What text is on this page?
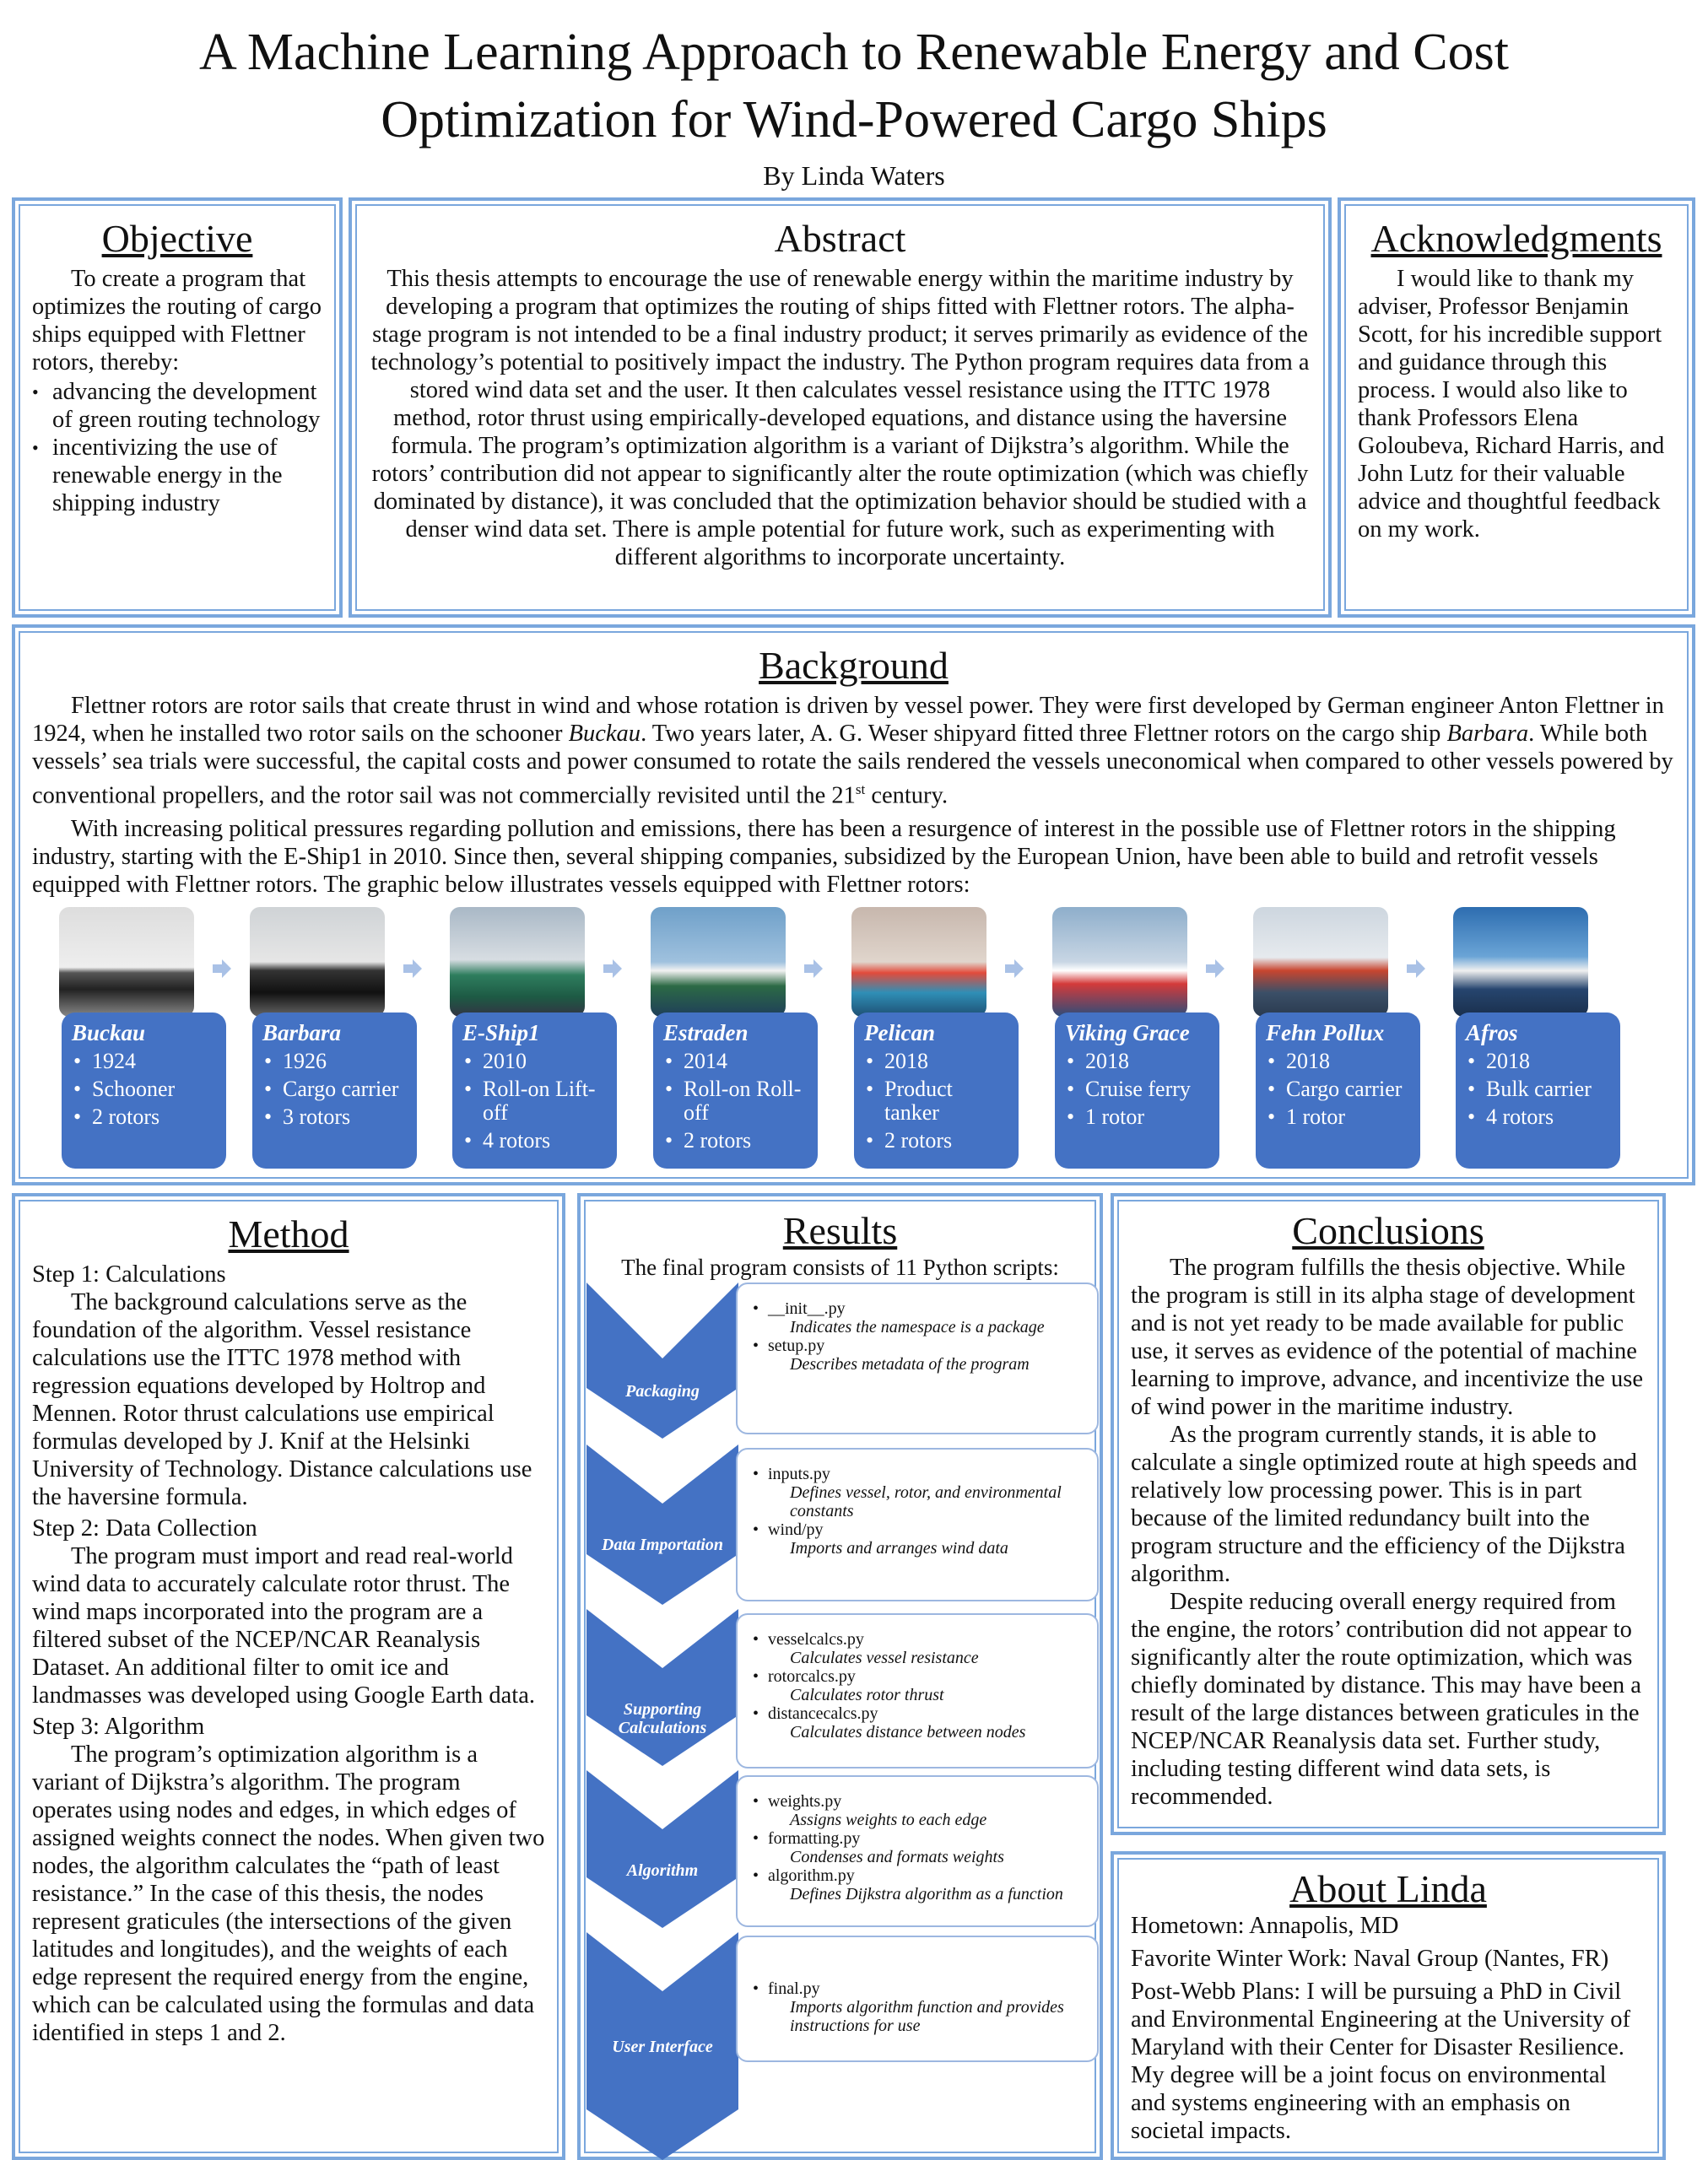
A Machine Learning Approach to Renewable Energy and Cost
Optimization for Wind-Powered Cargo Ships
By Linda Waters
Objective

To create a program that optimizes the routing of cargo ships equipped with Flettner rotors, thereby:

• advancing the development of green routing technology
• incentivizing the use of renewable energy in the shipping industry
Abstract

This thesis attempts to encourage the use of renewable energy within the maritime industry by developing a program that optimizes the routing of ships fitted with Flettner rotors. The alpha-stage program is not intended to be a final industry product; it serves primarily as evidence of the technology’s potential to positively impact the industry. The Python program requires data from a stored wind data set and the user. It then calculates vessel resistance using the ITTC 1978 method, rotor thrust using empirically-developed equations, and distance using the haversine formula. The program’s optimization algorithm is a variant of Dijkstra’s algorithm. While the rotors’ contribution did not appear to significantly alter the route optimization (which was chiefly dominated by distance), it was concluded that the optimization behavior should be studied with a denser wind data set. There is ample potential for future work, such as experimenting with different algorithms to incorporate uncertainty.

Acknowledgments

I would like to thank my adviser, Professor Benjamin Scott, for his incredible support and guidance through this process. I would also like to thank Professors Elena Goloubeva, Richard Harris, and John Lutz for their valuable advice and thoughtful feedback on my work.

Background

Flettner rotors are rotor sails that create thrust in wind and whose rotation is driven by vessel power. They were first developed by German engineer Anton Flettner in 1924, when he installed two rotor sails on the schooner Buckau. Two years later, A. G. Weser shipyard fitted three Flettner rotors on the cargo ship Barbara. While both vessels’ sea trials were successful, the capital costs and power consumed to rotate the sails rendered the vessels uneconomical when compared to other vessels powered by conventional propellers, and the rotor sail was not commercially revisited until the 21st century.

With increasing political pressures regarding pollution and emissions, there has been a resurgence of interest in the possible use of Flettner rotors in the shipping industry, starting with the E-Ship1 in 2010. Since then, several shipping companies, subsidized by the European Union, have been able to build and retrofit vessels equipped with Flettner rotors. The graphic below illustrates vessels equipped with Flettner rotors:

Buckau
• 1924
• Schooner
• 2 rotors
Barbara
• 1926
• Cargo carrier
• 3 rotors
E-Ship1
• 2010
• Roll-on Lift-off
• 4 rotors
Estraden
• 2014
• Roll-on Roll-off
• 2 rotors
Pelican
• 2018
• Product tanker
• 2 rotors
Viking Grace
• 2018
• Cruise ferry
• 1 rotor
Fehn Pollux
• 2018
• Cargo carrier
• 1 rotor
Afros
• 2018
• Bulk carrier
• 4 rotors
Method
Step 1: Calculations

The background calculations serve as the foundation of the algorithm. Vessel resistance calculations use the ITTC 1978 method with regression equations developed by Holtrop and Mennen. Rotor thrust calculations use empirical formulas developed by J. Knif at the Helsinki University of Technology. Distance calculations use the haversine formula.

Step 2: Data Collection

The program must import and read real-world wind data to accurately calculate rotor thrust. The wind maps incorporated into the program are a filtered subset of the NCEP/NCAR Reanalysis Dataset. An additional filter to omit ice and landmasses was developed using Google Earth data.

Step 3: Algorithm

The program’s optimization algorithm is a variant of Dijkstra’s algorithm. The program operates using nodes and edges, in which edges of assigned weights connect the nodes. When given two nodes, the algorithm calculates the “path of least resistance.” In the case of this thesis, the nodes represent graticules (the intersections of the given latitudes and longitudes), and the weights of each edge represent the required energy from the engine, which can be calculated using the formulas and data identified in steps 1 and 2.

Results

The final program consists of 11 Python scripts:

Packaging
• __init__.py
Indicates the namespace is a package
• setup.py
Describes metadata of the program
Data Importation
• inputs.py
Defines vessel, rotor, and environmental constants
• wind/py
Imports and arranges wind data
Supporting Calculations
• vesselcalcs.py
Calculates vessel resistance
• rotorcalcs.py
Calculates rotor thrust
• distancecalcs.py
Calculates distance between nodes
Algorithm
• weights.py
Assigns weights to each edge
• formatting.py
Condenses and formats weights
• algorithm.py
Defines Dijkstra algorithm as a function
User Interface
• final.py
Imports algorithm function and provides instructions for use
Conclusions

The program fulfills the thesis objective. While the program is still in its alpha stage of development and is not yet ready to be made available for public use, it serves as evidence of the potential of machine learning to improve, advance, and incentivize the use of wind power in the maritime industry.

As the program currently stands, it is able to calculate a single optimized route at high speeds and relatively low processing power. This is in part because of the limited redundancy built into the program structure and the efficiency of the Dijkstra algorithm.

Despite reducing overall energy required from the engine, the rotors’ contribution did not appear to significantly alter the route optimization, which was chiefly dominated by distance. This may have been a result of the large distances between graticules in the NCEP/NCAR Reanalysis data set. Further study, including testing different wind data sets, is recommended.

About Linda

Hometown: Annapolis, MD

Favorite Winter Work: Naval Group (Nantes, FR)

Post-Webb Plans: I will be pursuing a PhD in Civil and Environmental Engineering at the University of Maryland with their Center for Disaster Resilience. My degree will be a joint focus on environmental and systems engineering with an emphasis on societal impacts.
